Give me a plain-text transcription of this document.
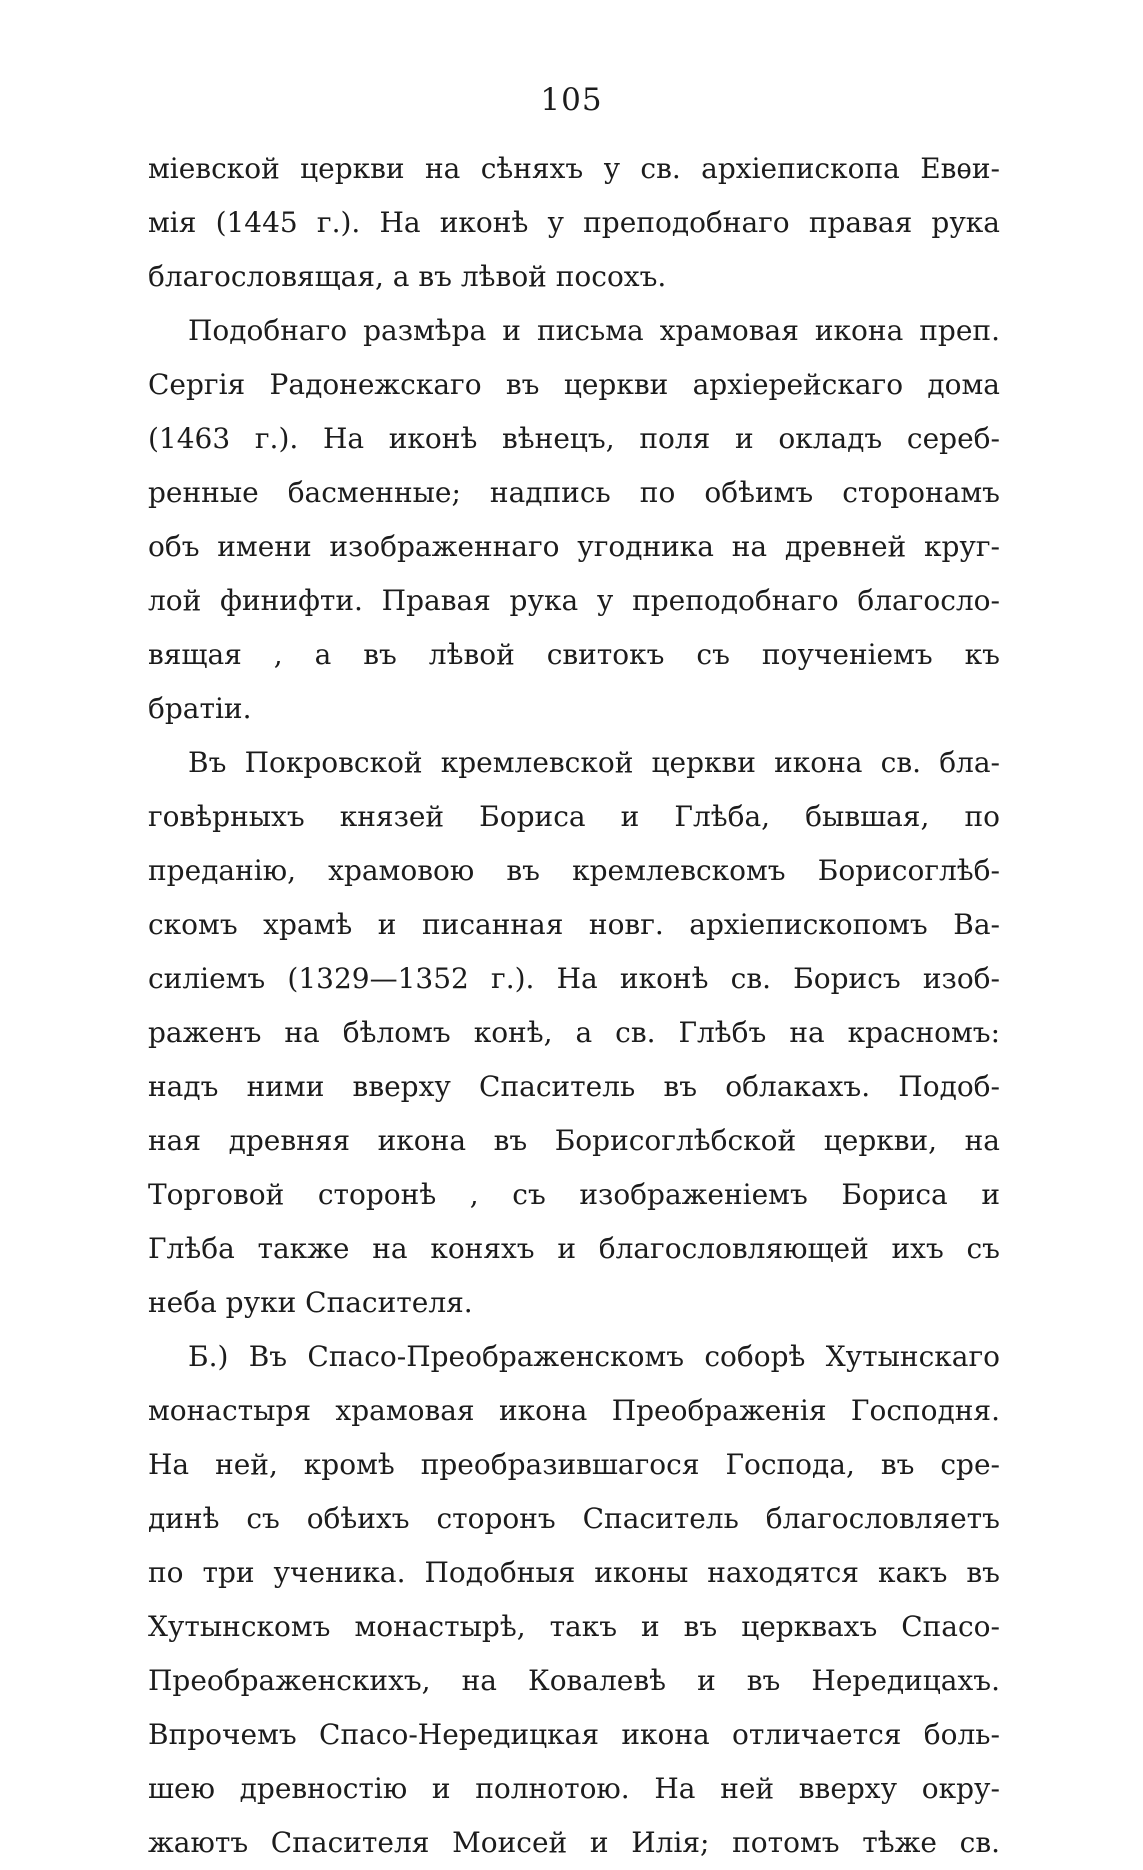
105
міевской церкви на сѣняхъ у св. архіепископа Евѳи-
мія (1445 г.). На иконѣ у преподобнаго правая рука
благословящая, а въ лѣвой посохъ.
Подобнаго размѣра и письма храмовая икона преп.
Сергія Радонежскаго въ церкви архіерейскаго дома
(1463 г.). На иконѣ вѣнецъ, поля и окладъ сереб-
ренные басменные; надпись по обѣимъ сторонамъ
объ имени изображеннаго угодника на древней круг-
лой финифти. Правая рука у преподобнаго благосло-
вящая , а въ лѣвой свитокъ съ поученіемъ къ
братіи.
Въ Покровской кремлевской церкви икона св. бла-
говѣрныхъ князей Бориса и Глѣба, бывшая, по
преданію, храмовою въ кремлевскомъ Борисоглѣб-
скомъ храмѣ и писанная новг. архіепископомъ Ва-
силіемъ (1329—1352 г.). На иконѣ св. Борисъ изоб-
раженъ на бѣломъ конѣ, а св. Глѣбъ на красномъ:
надъ ними вверху Спаситель въ облакахъ. Подоб-
ная древняя икона въ Борисоглѣбской церкви, на
Торговой сторонѣ , съ изображеніемъ Бориса и
Глѣба также на коняхъ и благословляющей ихъ съ
неба руки Спасителя.
Б.) Въ Спасо-Преображенскомъ соборѣ Хутынскаго
монастыря храмовая икона Преображенія Господня.
На ней, кромѣ преобразившагося Господа, въ сре-
динѣ съ обѣихъ сторонъ Спаситель благословляетъ
по три ученика. Подобныя иконы находятся какъ въ
Хутынскомъ монастырѣ, такъ и въ церквахъ Спасо-
Преображенскихъ, на Ковалевѣ и въ Нередицахъ.
Впрочемъ Спасо-Нередицкая икона отличается боль-
шею древностію и полнотою. На ней вверху окру-
жаютъ Спасителя Моисей и Илія; потомъ тѣже св.
